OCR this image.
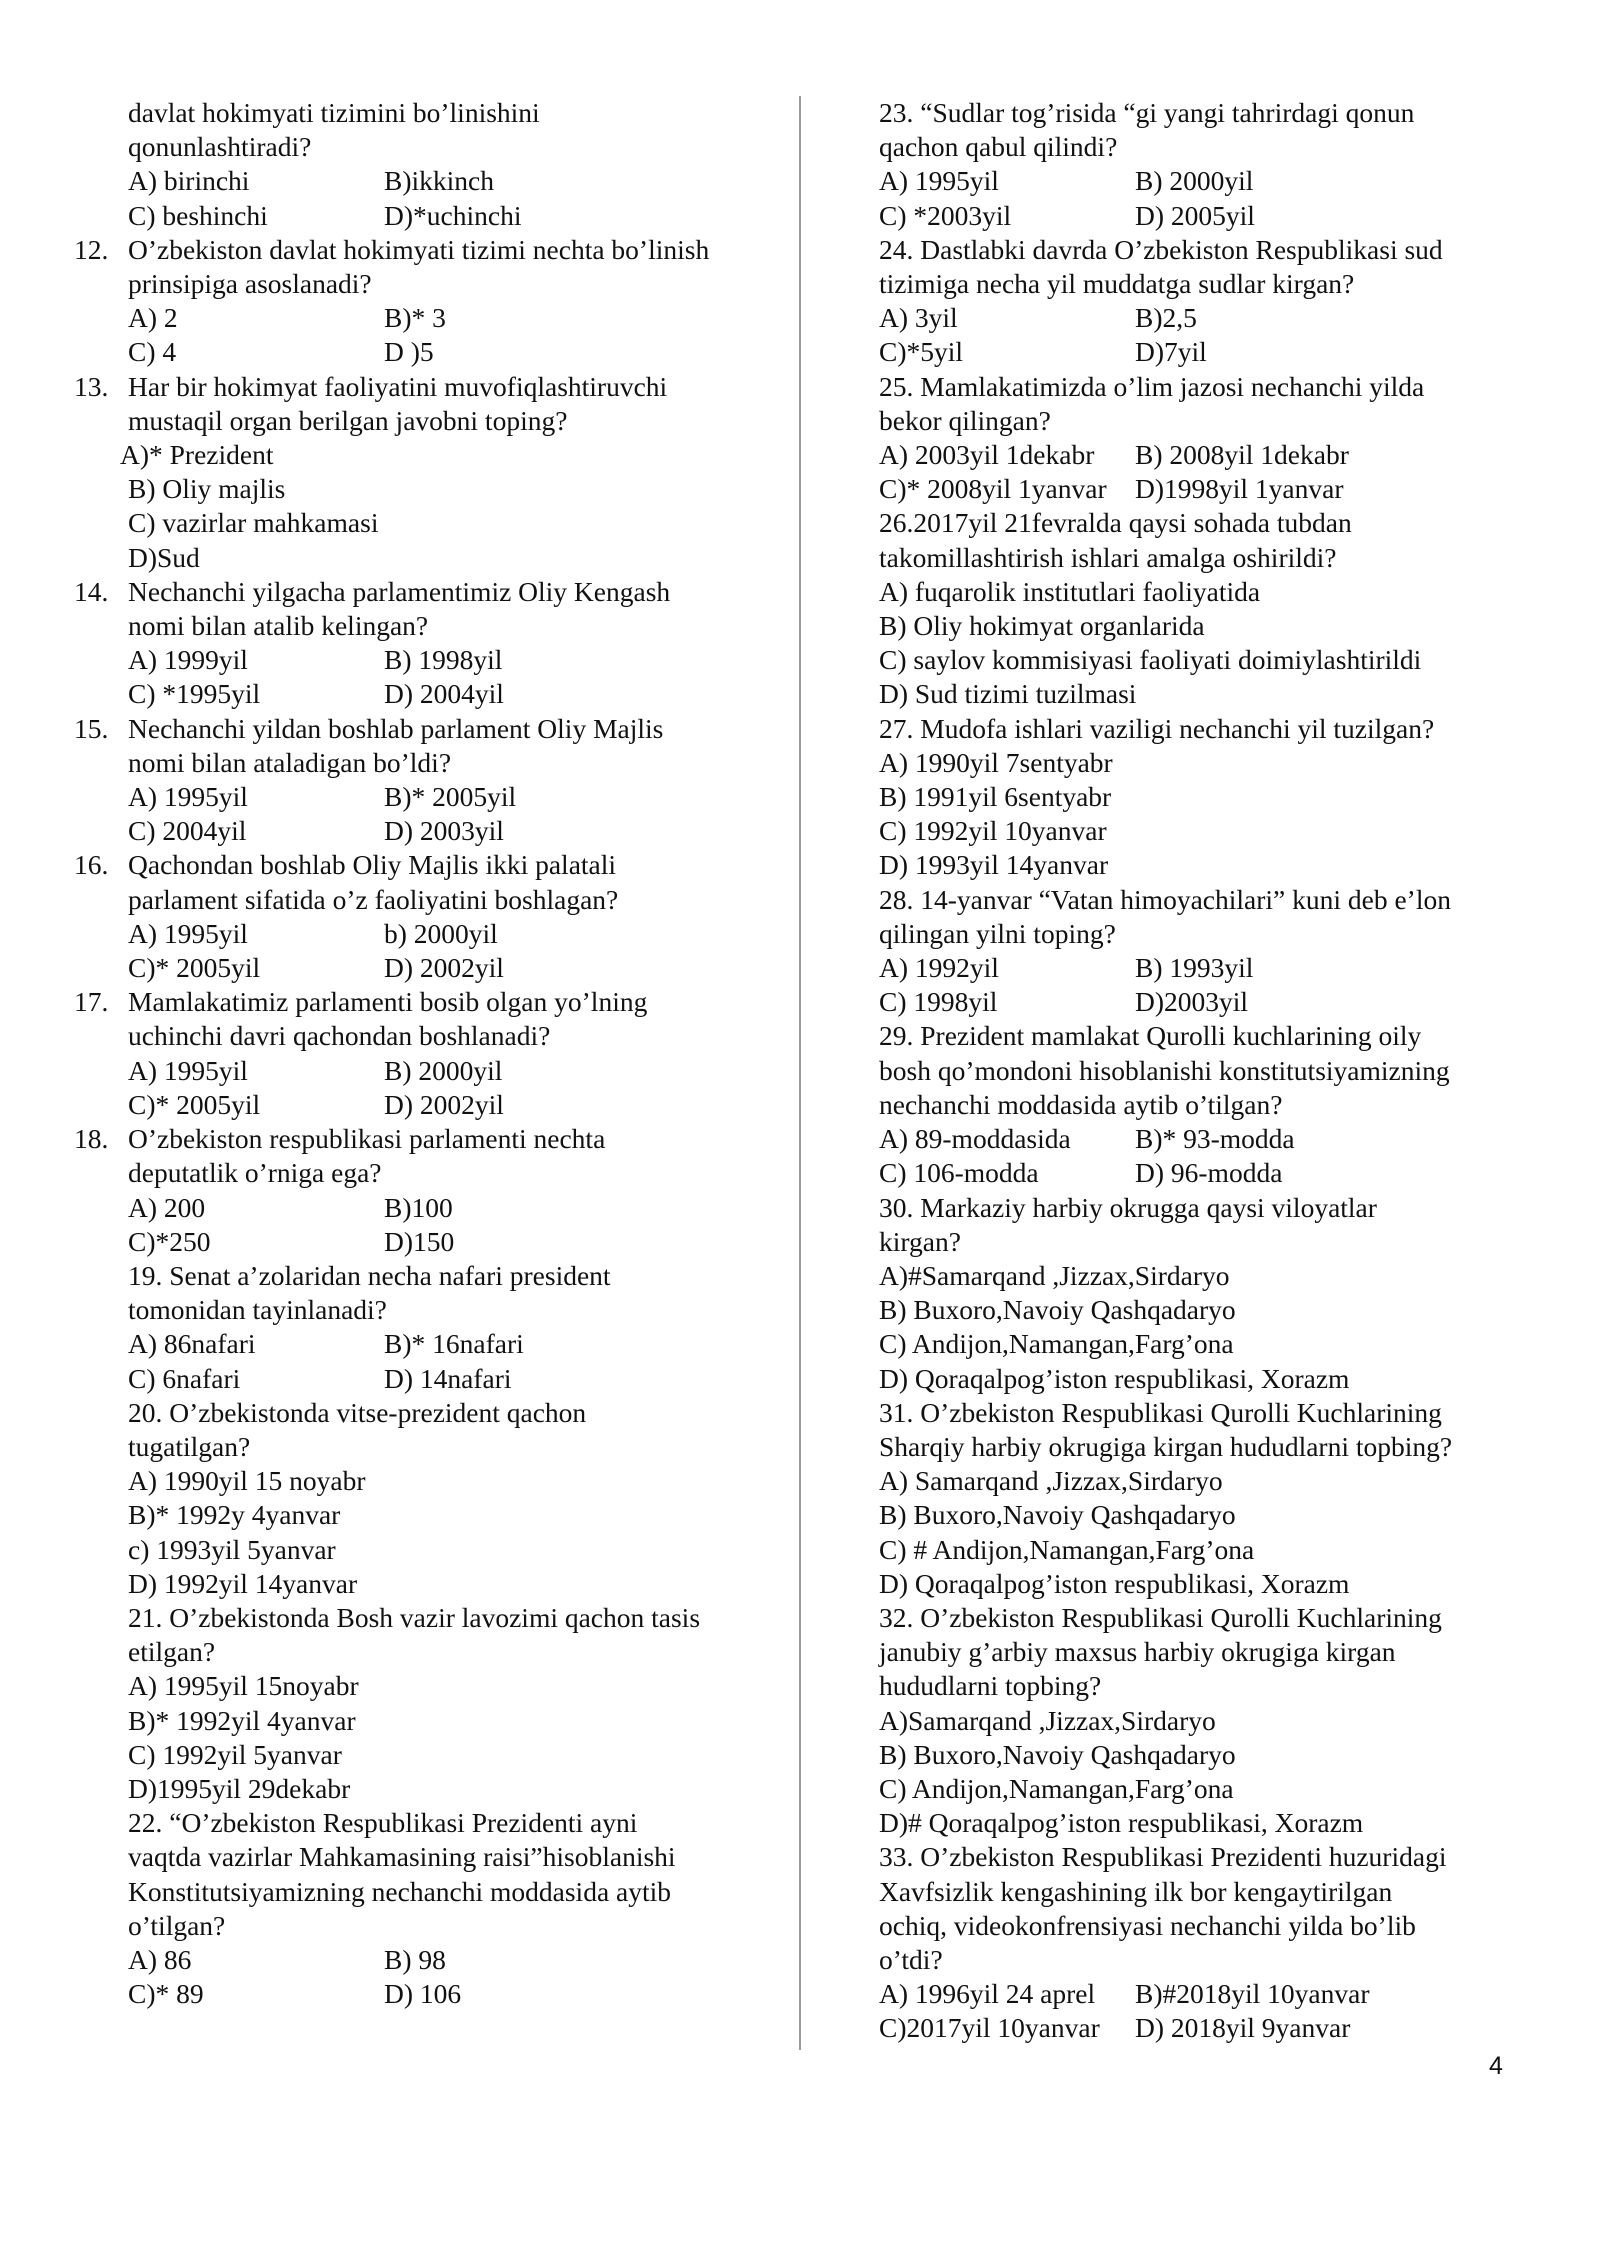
davlat hokimyati tizimini bo’linishini
qonunlashtiradi?
A) birinchi	B)ikkinch
C) beshinchi	D)*uchinchi
12. O’zbekiston davlat hokimyati tizimi nechta bo’linish
prinsipiga asoslanadi?
A) 2	B)* 3
C) 4	D )5
13. Har bir hokimyat faoliyatini muvofiqlashtiruvchi
mustaqil organ berilgan javobni toping?
A)* Prezident
B) Oliy majlis
C) vazirlar mahkamasi
D)Sud
14. Nechanchi yilgacha parlamentimiz Oliy Kengash
nomi bilan atalib kelingan?
A) 1999yil	B) 1998yil
C) *1995yil	D) 2004yil
15. Nechanchi yildan boshlab parlament Oliy Majlis
nomi bilan ataladigan bo’ldi?
A) 1995yil	B)* 2005yil
C) 2004yil	D) 2003yil
16. Qachondan boshlab Oliy Majlis ikki palatali
parlament sifatida o’z faoliyatini boshlagan?
A) 1995yil	b) 2000yil
C)* 2005yil	D) 2002yil
17. Mamlakatimiz parlamenti bosib olgan yo’lning
uchinchi davri qachondan boshlanadi?
A) 1995yil	B) 2000yil
C)* 2005yil	D) 2002yil
18. O’zbekiston respublikasi parlamenti nechta
deputatlik o’rniga ega?
A) 200	B)100
C)*250	D)150
19. Senat a’zolaridan necha nafari president
tomonidan tayinlanadi?
A) 86nafari	B)* 16nafari
C) 6nafari	D) 14nafari
20. O’zbekistonda vitse-prezident qachon
tugatilgan?
A) 1990yil 15 noyabr
B)* 1992y 4yanvar
c) 1993yil 5yanvar
D) 1992yil 14yanvar
21. O’zbekistonda Bosh vazir lavozimi qachon tasis
etilgan?
A) 1995yil 15noyabr
B)* 1992yil 4yanvar
C) 1992yil 5yanvar
D)1995yil 29dekabr
22. “O’zbekiston Respublikasi Prezidenti ayni
vaqtda vazirlar Mahkamasining raisi”hisoblanishi
Konstitutsiyamizning nechanchi moddasida aytib
o’tilgan?
A) 86	B) 98
C)* 89	D) 106
23. “Sudlar tog’risida “gi yangi tahrirdagi qonun
qachon qabul qilindi?
A) 1995yil	B) 2000yil
C) *2003yil	D) 2005yil
24. Dastlabki davrda O’zbekiston Respublikasi sud
tizimiga necha yil muddatga sudlar kirgan?
A) 3yil	B)2,5
C)*5yil	D)7yil
25. Mamlakatimizda o’lim jazosi nechanchi yilda
bekor qilingan?
A) 2003yil 1dekabr	B) 2008yil 1dekabr
C)* 2008yil 1yanvar	D)1998yil 1yanvar
26.2017yil 21fevralda qaysi sohada tubdan
takomillashtirish ishlari amalga oshirildi?
A) fuqarolik institutlari faoliyatida
B) Oliy hokimyat organlarida
C) saylov kommisiyasi faoliyati doimiylashtirildi
D) Sud tizimi tuzilmasi
27. Mudofa ishlari vaziligi nechanchi yil tuzilgan?
A) 1990yil 7sentyabr
B) 1991yil 6sentyabr
C) 1992yil 10yanvar
D) 1993yil 14yanvar
28. 14-yanvar “Vatan himoyachilari” kuni deb e’lon
qilingan yilni toping?
A) 1992yil	B) 1993yil
C) 1998yil	D)2003yil
29. Prezident mamlakat Qurolli kuchlarining oily
bosh qo’mondoni hisoblanishi konstitutsiyamizning
nechanchi moddasida aytib o’tilgan?
A) 89-moddasida	B)* 93-modda
C) 106-modda	D) 96-modda
30. Markaziy harbiy okrugga qaysi viloyatlar
kirgan?
A)#Samarqand ,Jizzax,Sirdaryo
B) Buxoro,Navoiy Qashqadaryo
C) Andijon,Namangan,Farg’ona
D) Qoraqalpog’iston respublikasi, Xorazm
31. O’zbekiston Respublikasi Qurolli Kuchlarining
Sharqiy harbiy okrugiga kirgan hududlarni topbing?
A) Samarqand ,Jizzax,Sirdaryo
B) Buxoro,Navoiy Qashqadaryo
C) # Andijon,Namangan,Farg’ona
D) Qoraqalpog’iston respublikasi, Xorazm
32. O’zbekiston Respublikasi Qurolli Kuchlarining
janubiy g’arbiy maxsus harbiy okrugiga kirgan
hududlarni topbing?
A)Samarqand ,Jizzax,Sirdaryo
B) Buxoro,Navoiy Qashqadaryo
C) Andijon,Namangan,Farg’ona
D)# Qoraqalpog’iston respublikasi, Xorazm
33. O’zbekiston Respublikasi Prezidenti huzuridagi
Xavfsizlik kengashining ilk bor kengaytirilgan
ochiq, videokonfrensiyasi nechanchi yilda bo’lib
o’tdi?
A) 1996yil 24 aprel	B)#2018yil 10yanvar
C)2017yil 10yanvar	D) 2018yil 9yanvar
4
